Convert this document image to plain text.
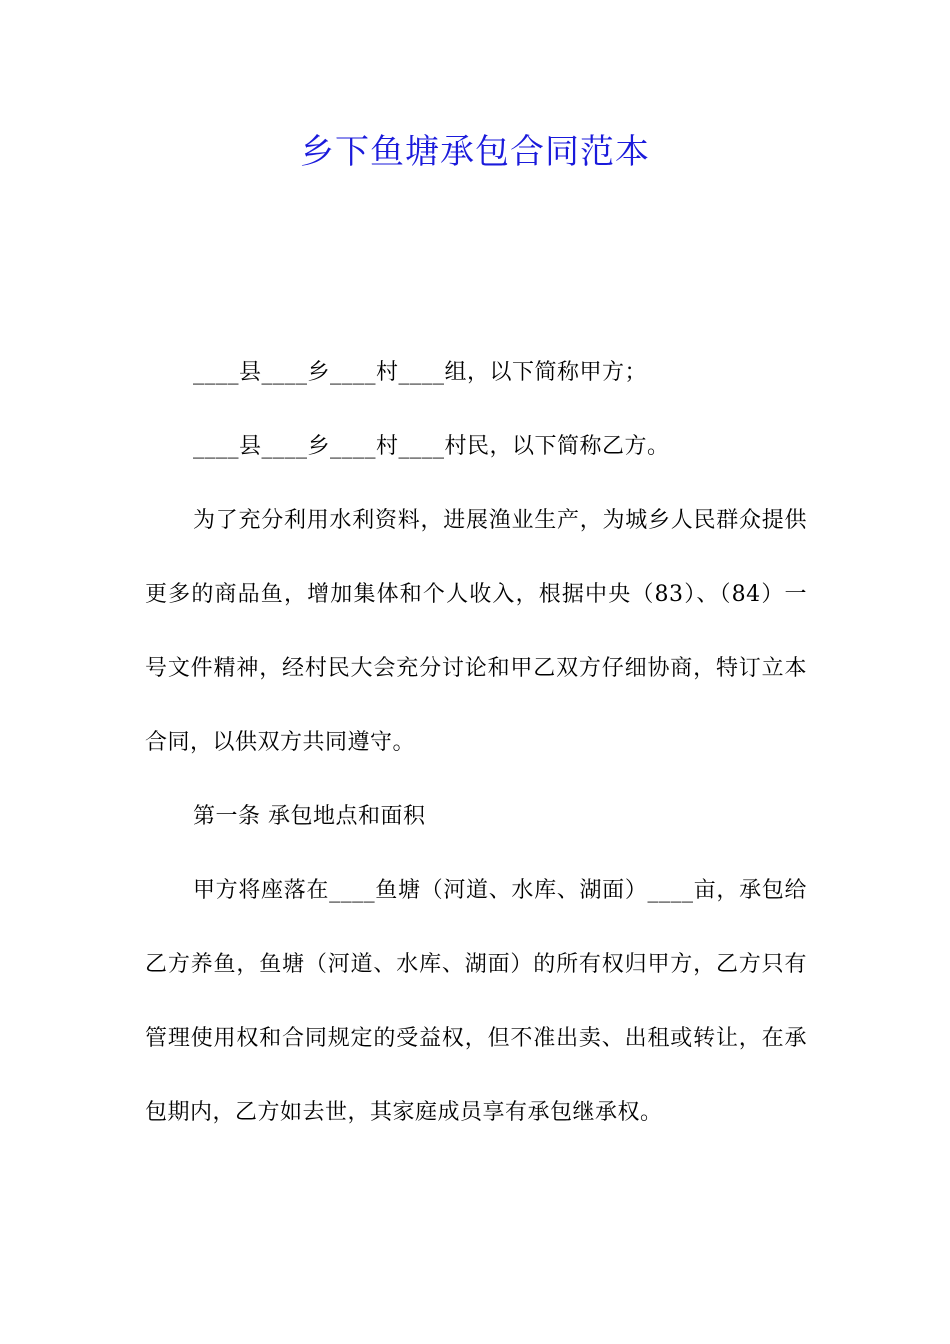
乡下鱼塘承包合同范本

____县____乡____村____组，以下简称甲方；

____县____乡____村____村民，以下简称乙方。

为了充分利用水利资料，进展渔业生产，为城乡人民群众提供更多的商品鱼，增加集体和个人收入，根据中央（83）、（84）一号文件精神，经村民大会充分讨论和甲乙双方仔细协商，特订立本合同，以供双方共同遵守。

第一条 承包地点和面积

甲方将座落在____鱼塘（河道、水库、湖面）____亩，承包给乙方养鱼，鱼塘（河道、水库、湖面）的所有权归甲方，乙方只有管理使用权和合同规定的受益权，但不准出卖、出租或转让，在承包期内，乙方如去世，其家庭成员享有承包继承权。
